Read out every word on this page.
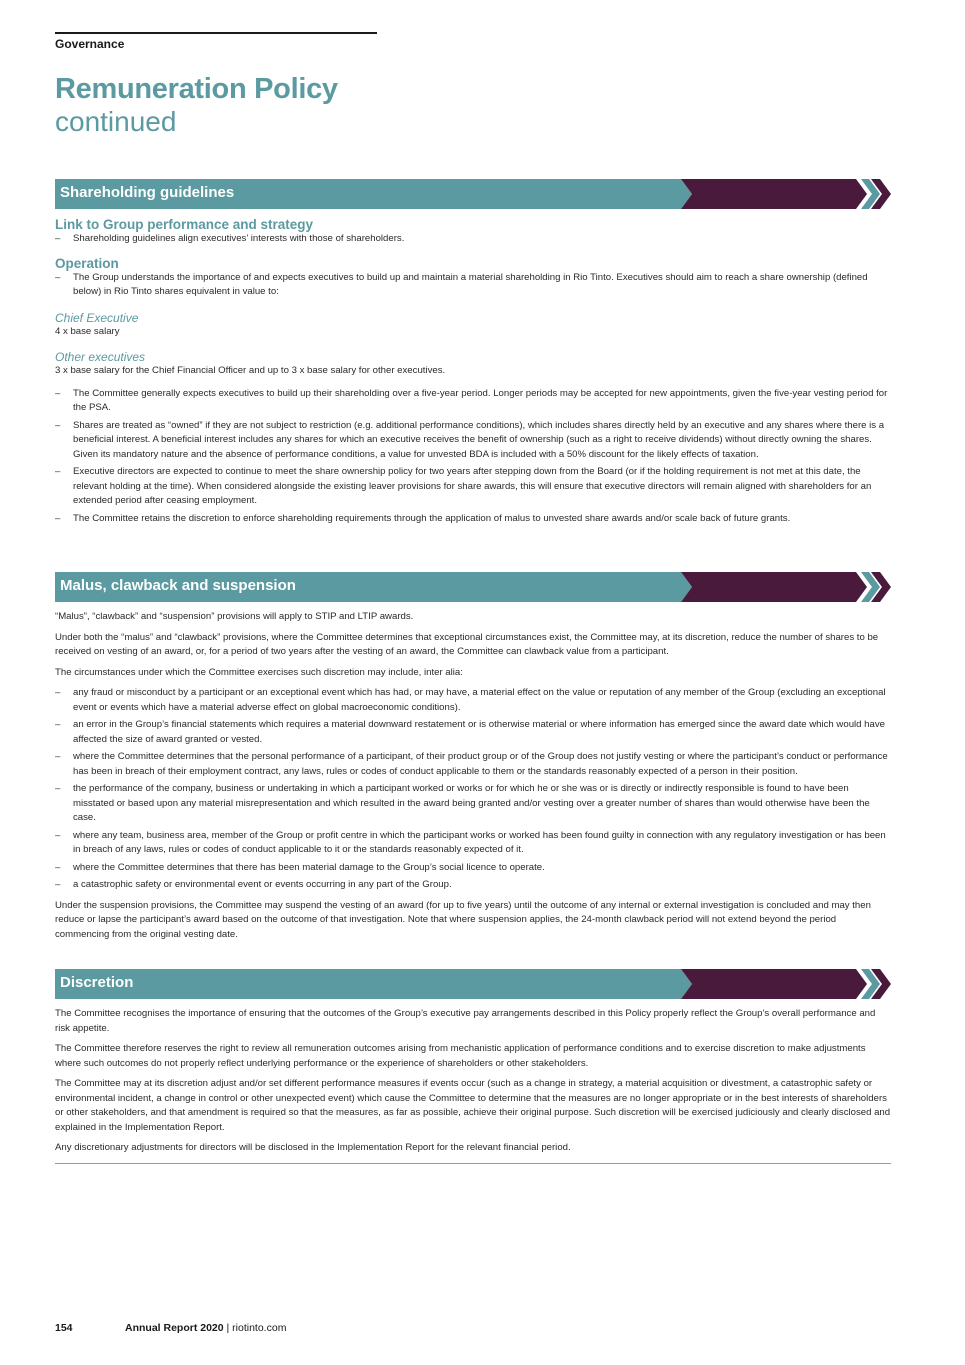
Governance
Remuneration Policy
continued
Shareholding guidelines
Link to Group performance and strategy
– Shareholding guidelines align executives’ interests with those of shareholders.
Operation
– The Group understands the importance of and expects executives to build up and maintain a material shareholding in Rio Tinto. Executives should aim to reach a share ownership (defined below) in Rio Tinto shares equivalent in value to:
Chief Executive

4 x base salary

Other executives

3 x base salary for the Chief Financial Officer and up to 3 x base salary for other executives.

– The Committee generally expects executives to build up their shareholding over a five-year period. Longer periods may be accepted for new appointments, given the five-year vesting period for the PSA.
– Shares are treated as “owned” if they are not subject to restriction (e.g. additional performance conditions), which includes shares directly held by an executive and any shares where there is a beneficial interest. A beneficial interest includes any shares for which an executive receives the benefit of ownership (such as a right to receive dividends) without directly owning the shares. Given its mandatory nature and the absence of performance conditions, a value for unvested BDA is included with a 50% discount for the likely effects of taxation.
– Executive directors are expected to continue to meet the share ownership policy for two years after stepping down from the Board (or if the holding requirement is not met at this date, the relevant holding at the time). When considered alongside the existing leaver provisions for share awards, this will ensure that executive directors will remain aligned with shareholders for an extended period after ceasing employment.
– The Committee retains the discretion to enforce shareholding requirements through the application of malus to unvested share awards and/or scale back of future grants.
Malus, clawback and suspension

“Malus”, “clawback” and “suspension” provisions will apply to STIP and LTIP awards.

Under both the “malus” and “clawback” provisions, where the Committee determines that exceptional circumstances exist, the Committee may, at its discretion, reduce the number of shares to be received on vesting of an award, or, for a period of two years after the vesting of an award, the Committee can clawback value from a participant.

The circumstances under which the Committee exercises such discretion may include, inter alia:

– any fraud or misconduct by a participant or an exceptional event which has had, or may have, a material effect on the value or reputation of any member of the Group (excluding an exceptional event or events which have a material adverse effect on global macroeconomic conditions).
– an error in the Group’s financial statements which requires a material downward restatement or is otherwise material or where information has emerged since the award date which would have affected the size of award granted or vested.
– where the Committee determines that the personal performance of a participant, of their product group or of the Group does not justify vesting or where the participant’s conduct or performance has been in breach of their employment contract, any laws, rules or codes of conduct applicable to them or the standards reasonably expected of a person in their position.
– the performance of the company, business or undertaking in which a participant worked or works or for which he or she was or is directly or indirectly responsible is found to have been misstated or based upon any material misrepresentation and which resulted in the award being granted and/or vesting over a greater number of shares than would otherwise have been the case.
– where any team, business area, member of the Group or profit centre in which the participant works or worked has been found guilty in connection with any regulatory investigation or has been in breach of any laws, rules or codes of conduct applicable to it or the standards reasonably expected of it.
– where the Committee determines that there has been material damage to the Group’s social licence to operate.
– a catastrophic safety or environmental event or events occurring in any part of the Group.

Under the suspension provisions, the Committee may suspend the vesting of an award (for up to five years) until the outcome of any internal or external investigation is concluded and may then reduce or lapse the participant’s award based on the outcome of that investigation. Note that where suspension applies, the 24-month clawback period will not extend beyond the period commencing from the original vesting date.

Discretion

The Committee recognises the importance of ensuring that the outcomes of the Group’s executive pay arrangements described in this Policy properly reflect the Group’s overall performance and risk appetite.

The Committee therefore reserves the right to review all remuneration outcomes arising from mechanistic application of performance conditions and to exercise discretion to make adjustments where such outcomes do not properly reflect underlying performance or the experience of shareholders or other stakeholders.

The Committee may at its discretion adjust and/or set different performance measures if events occur (such as a change in strategy, a material acquisition or divestment, a catastrophic safety or environmental incident, a change in control or other unexpected event) which cause the Committee to determine that the measures are no longer appropriate or in the best interests of shareholders or other stakeholders, and that amendment is required so that the measures, as far as possible, achieve their original purpose. Such discretion will be exercised judiciously and clearly disclosed and explained in the Implementation Report.

Any discretionary adjustments for directors will be disclosed in the Implementation Report for the relevant financial period.

154	Annual Report 2020 | riotinto.com
